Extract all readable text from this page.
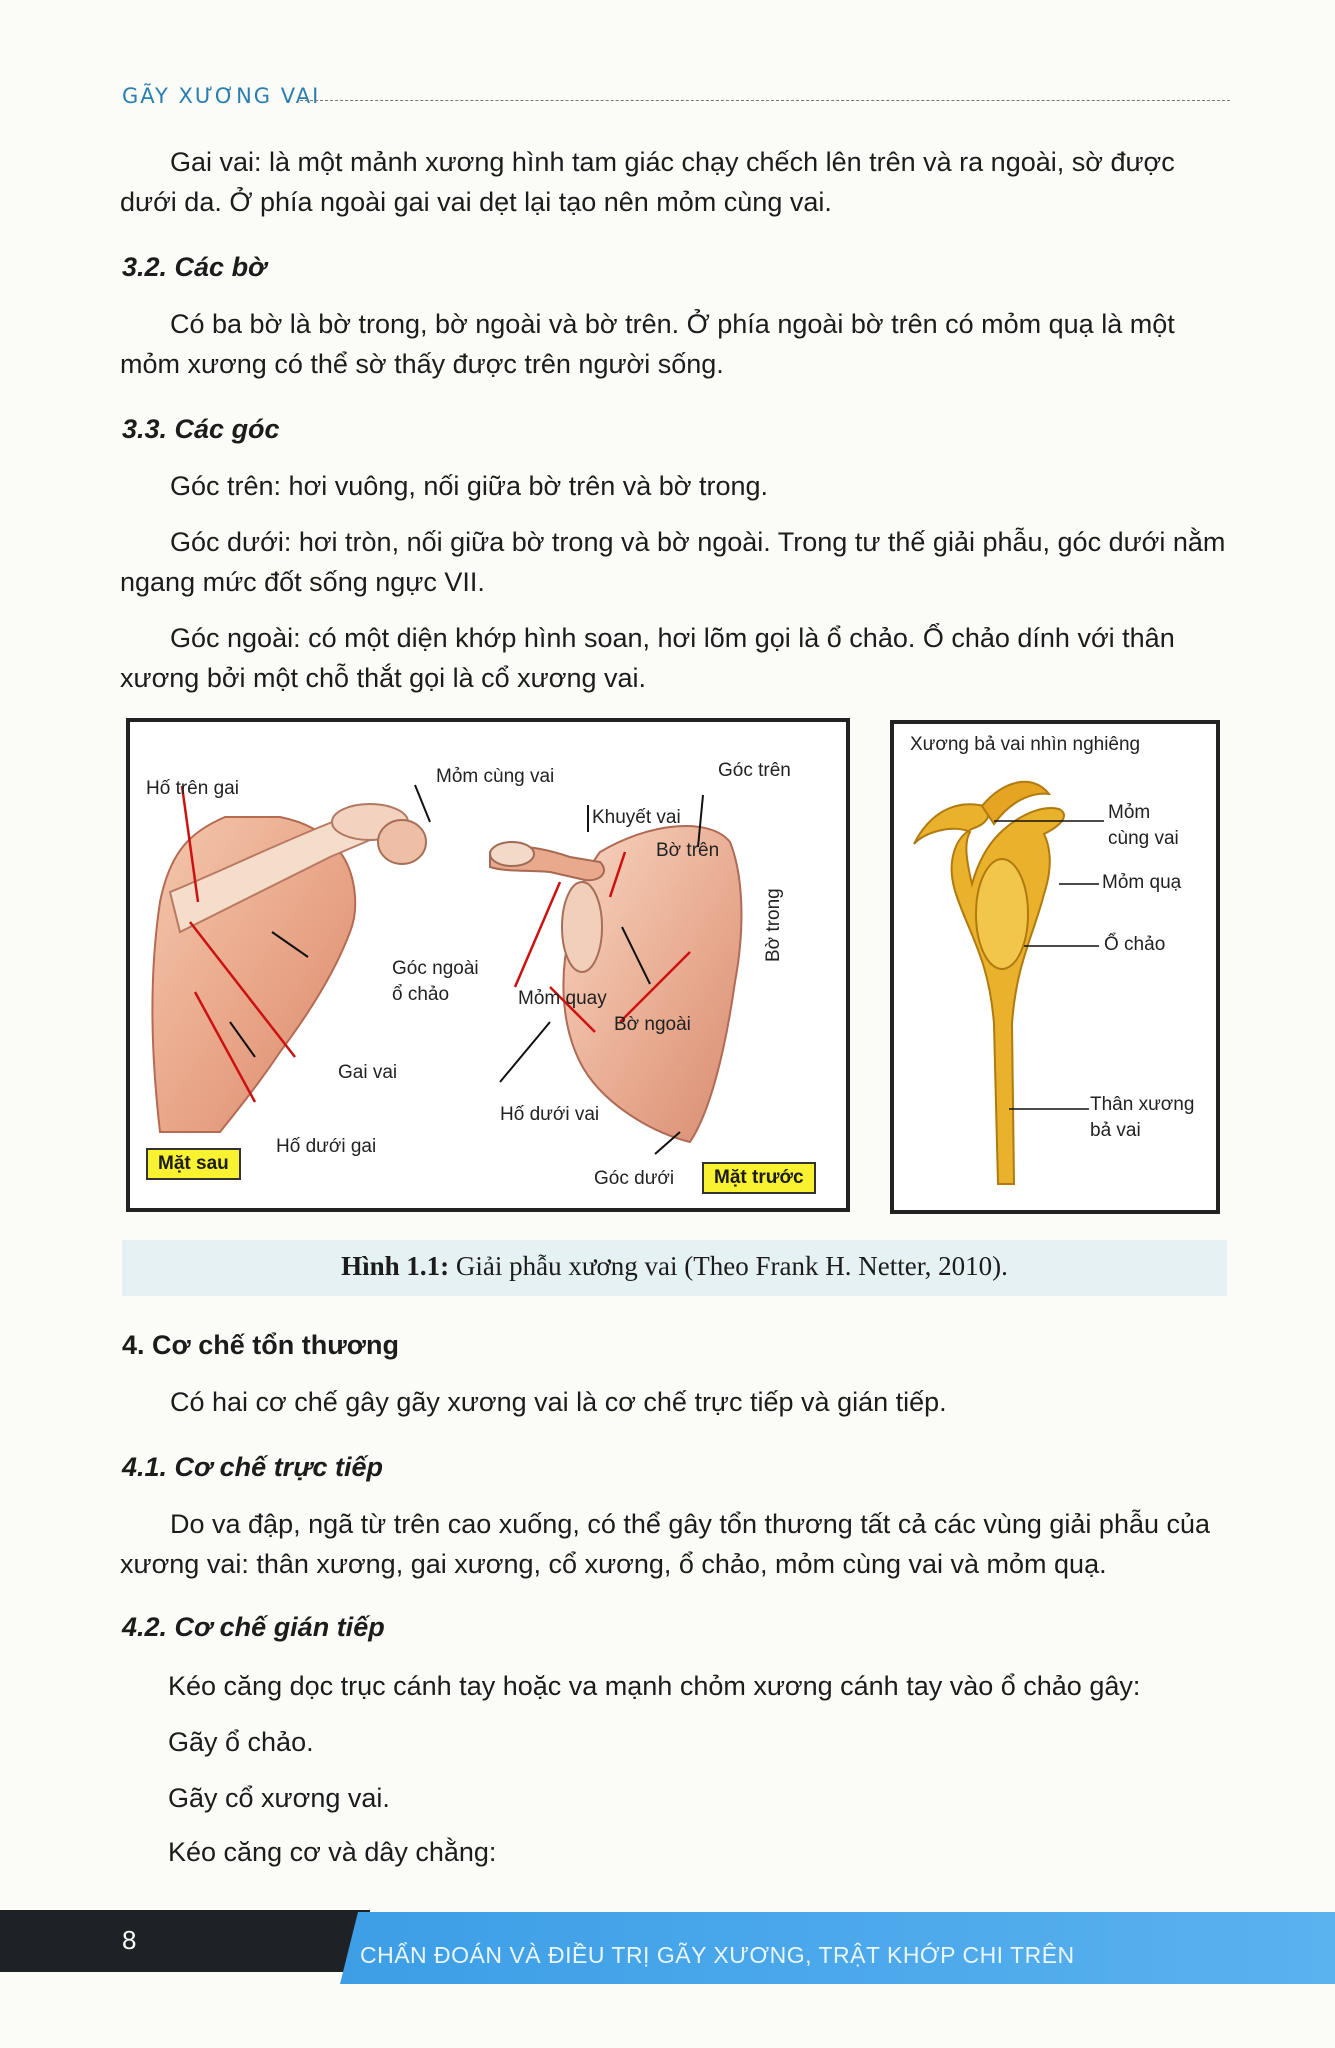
GÃY XƯƠNG VAI

Gai vai: là một mảnh xương hình tam giác chạy chếch lên trên và ra ngoài, sờ được dưới da. Ở phía ngoài gai vai dẹt lại tạo nên mỏm cùng vai.

3.2. Các bờ

Có ba bờ là bờ trong, bờ ngoài và bờ trên. Ở phía ngoài bờ trên có mỏm quạ là một mỏm xương có thể sờ thấy được trên người sống.

3.3. Các góc

Góc trên: hơi vuông, nối giữa bờ trên và bờ trong.

Góc dưới: hơi tròn, nối giữa bờ trong và bờ ngoài. Trong tư thế giải phẫu, góc dưới nằm ngang mức đốt sống ngực VII.

Góc ngoài: có một diện khớp hình soan, hơi lõm gọi là ổ chảo. Ổ chảo dính với thân xương bởi một chỗ thắt gọi là cổ xương vai.

Hố trên gai
Mỏm cùng vai	Góc trên
Khuyết vai
Bờ trên
Góc ngoài
ổ chảo	Mỏm quay
Bờ ngoài
Bờ trong
Gai vai
Hố dưới vai
Hố dưới gai
Mặt sau
Góc dưới	Mặt trước
Xương bả vai nhìn nghiêng
Mỏm
cùng vai
Mỏm quạ
Ổ chảo
Thân xương
bả vai
Hình 1.1: Giải phẫu xương vai (Theo Frank H. Netter, 2010).
4. Cơ chế tổn thương

Có hai cơ chế gây gãy xương vai là cơ chế trực tiếp và gián tiếp.

4.1. Cơ chế trực tiếp

Do va đập, ngã từ trên cao xuống, có thể gây tổn thương tất cả các vùng giải phẫu của xương vai: thân xương, gai xương, cổ xương, ổ chảo, mỏm cùng vai và mỏm quạ.

4.2. Cơ chế gián tiếp

Kéo căng dọc trục cánh tay hoặc va mạnh chỏm xương cánh tay vào ổ chảo gây:

Gãy ổ chảo.

Gãy cổ xương vai.

Kéo căng cơ và dây chằng:

8	CHẨN ĐOÁN VÀ ĐIỀU TRỊ GÃY XƯƠNG, TRẬT KHỚP CHI TRÊN
